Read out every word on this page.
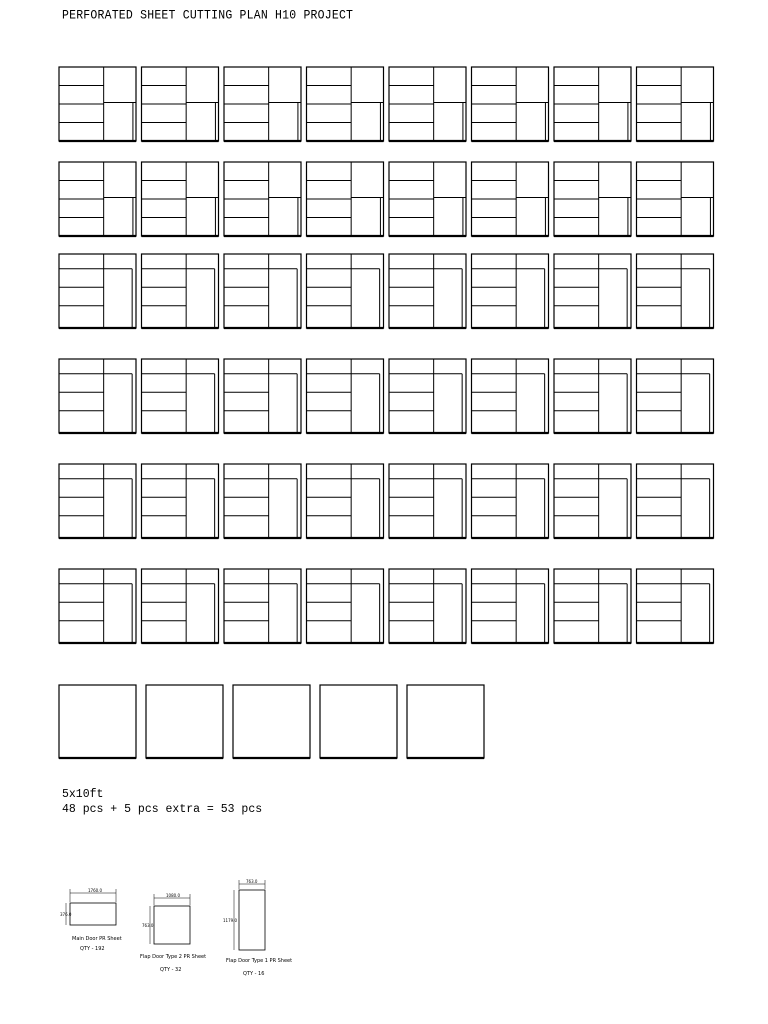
PERFORATED SHEET CUTTING PLAN H10 PROJECT
5x10ft
48 pcs + 5 pcs extra = 53 pcs
1760.0
376.0
Main Door PR Sheet
QTY - 192
1080.0
763.0
Flap Door Type 2 PR Sheet
QTY - 32
763.0
1179.0
Flap Door Type 1 PR Sheet
QTY - 16
